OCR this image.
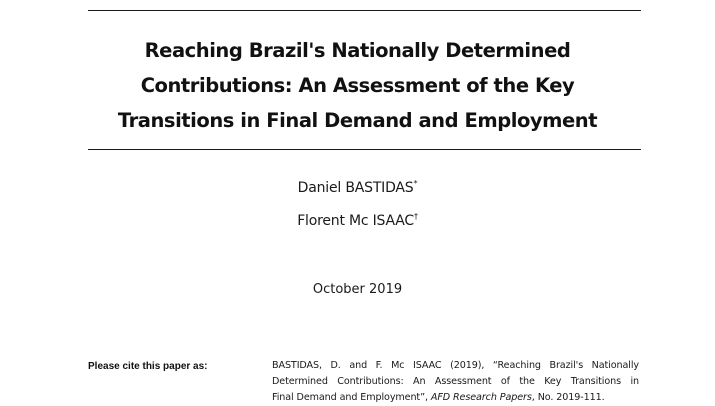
Reaching Brazil's Nationally Determined
Contributions: An Assessment of the Key
Transitions in Final Demand and Employment
Daniel BASTIDAS*
Florent Mc ISAAC†
October 2019
Please cite this paper as:	BASTIDAS, D. and F. Mc ISAAC (2019), “Reaching Brazil's Nationally
Determined Contributions: An Assessment of the Key Transitions in
Final Demand and Employment”, AFD Research Papers, No. 2019-111.
